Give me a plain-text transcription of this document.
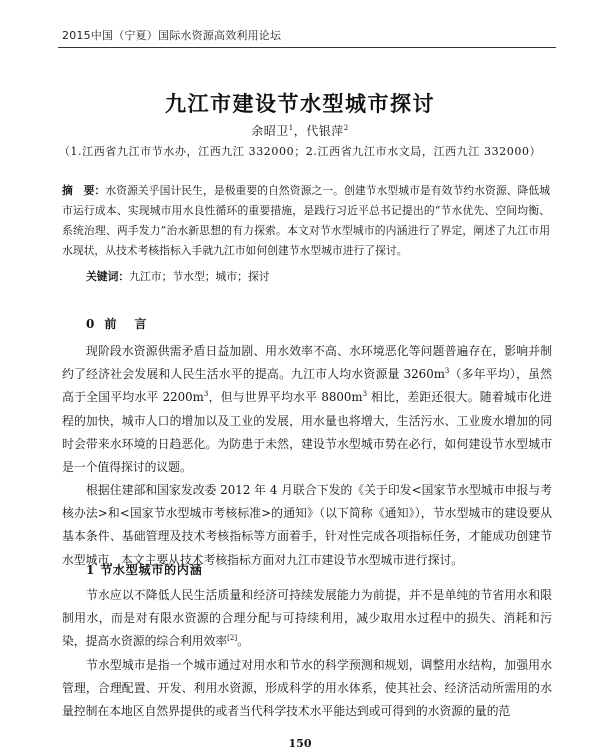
2015中国（宁夏）国际水资源高效利用论坛
九江市建设节水型城市探讨
余昭卫$^1$，代银萍$^2$
（1.江西省九江市节水办，江西九江 332000；2.江西省九江市水文局，江西九江 332000）
摘　要：水资源关乎国计民生，是极重要的自然资源之一。创建节水型城市是有效节约水资源、降低城市运行成本、实现城市用水良性循环的重要措施，是践行习近平总书记提出的“节水优先、空间均衡、系统治理、两手发力”治水新思想的有力探索。本文对节水型城市的内涵进行了界定，阐述了九江市用水现状，从技术考核指标入手就九江市如何创建节水型城市进行了探讨。
关键词：九江市；节水型；城市；探讨
0 前　言
现阶段水资源供需矛盾日益加剧、用水效率不高、水环境恶化等问题普遍存在，影响并制约了经济社会发展和人民生活水平的提高。九江市人均水资源量 $3260m^3$（多年平均），虽然高于全国平均水平 $2200m^3$，但与世界平均水平 $8800m^3$ 相比，差距还很大。随着城市化进程的加快，城市人口的增加以及工业的发展，用水量也将增大，生活污水、工业废水增加的同时会带来水环境的日趋恶化。为防患于未然，建设节水型城市势在必行，如何建设节水型城市是一个值得探讨的议题。
根据住建部和国家发改委 2012 年 4 月联合下发的《关于印发<国家节水型城市申报与考核办法>和<国家节水型城市考核标准>的通知》（以下简称《通知》），节水型城市的建设要从基本条件、基础管理及技术考核指标等方面着手，针对性完成各项指标任务，才能成功创建节水型城市，本文主要从技术考核指标方面对九江市建设节水型城市进行探讨。
1 节水型城市的内涵
节水应以不降低人民生活质量和经济可持续发展能力为前提，并不是单纯的节省用水和限制用水，而是对有限水资源的合理分配与可持续利用，减少取用水过程中的损失、消耗和污染，提高水资源的综合利用效率[2]。
节水型城市是指一个城市通过对用水和节水的科学预测和规划，调整用水结构，加强用水管理，合理配置、开发、利用水资源，形成科学的用水体系，使其社会、经济活动所需用的水量控制在本地区自然界提供的或者当代科学技术水平能达到或可得到的水资源的量的范
150
